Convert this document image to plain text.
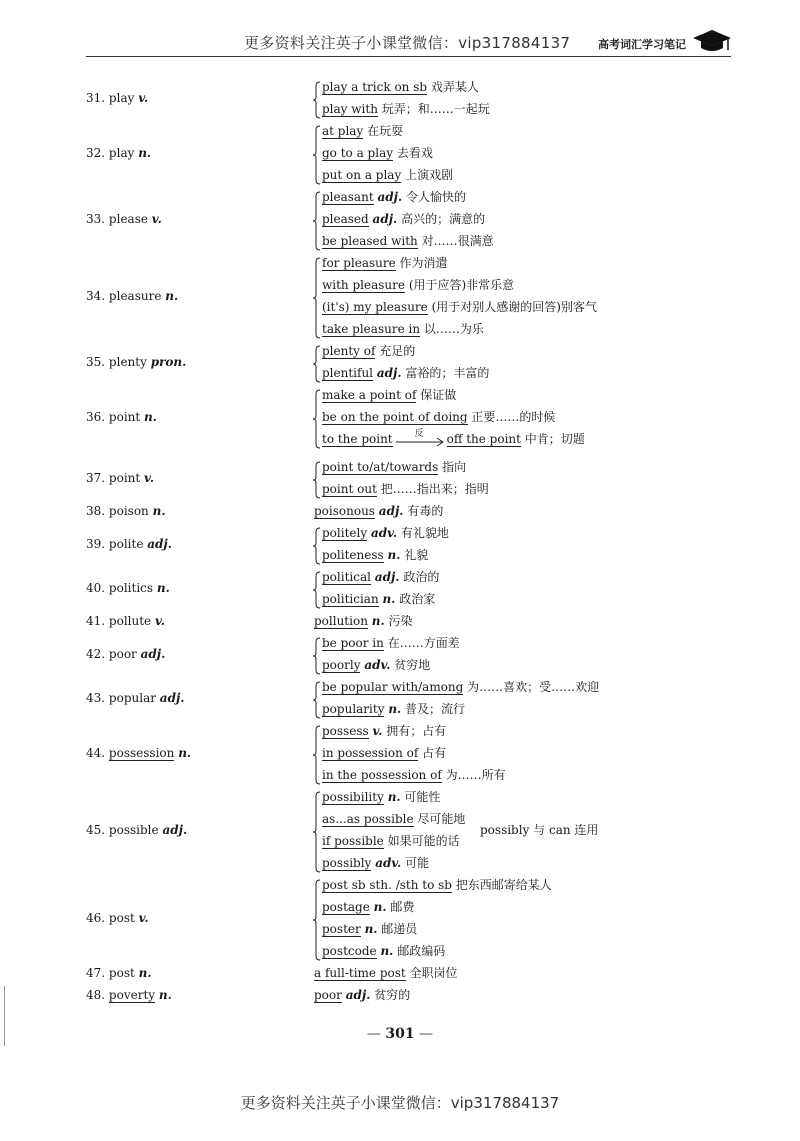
更多资料关注英子小课堂微信：vip317884137	高考词汇学习笔记
31. play v.
play a trick on sb 戏弄某人
play with 玩弄；和……一起玩
32. play n.
at play 在玩耍
go to a play 去看戏
put on a play 上演戏剧
33. please v.
pleasant adj. 令人愉快的
pleased adj. 高兴的；满意的
be pleased with 对……很满意
34. pleasure n.
for pleasure 作为消遣
with pleasure (用于应答)非常乐意
(it's) my pleasure (用于对别人感谢的回答)别客气
take pleasure in 以……为乐
35. plenty pron.
plenty of 充足的
plentiful adj. 富裕的；丰富的
36. point n.
make a point of 保证做
be on the point of doing 正要……的时候
to the point 反 off the point 中肯；切题
37. point v.
point to/at/towards 指向
point out 把……指出来；指明
38. poison n.	poisonous adj. 有毒的
39. polite adj.
politely adv. 有礼貌地
politeness n. 礼貌
40. politics n.
political adj. 政治的
politician n. 政治家
41. pollute v.	pollution n. 污染
42. poor adj.
be poor in 在……方面差
poorly adv. 贫穷地
43. popular adj.
be popular with/among 为……喜欢；受……欢迎
popularity n. 普及；流行
44. possession n.
possess v. 拥有；占有
in possession of 占有
in the possession of 为……所有
45. possible adj.
possibility n. 可能性
as...as possible 尽可能地
if possible 如果可能的话
possibly adv. 可能
possibly 与 can 连用
46. post v.
post sb sth. /sth to sb 把东西邮寄给某人
postage n. 邮费
poster n. 邮递员
postcode n. 邮政编码
47. post n.	a full-time post 全职岗位
48. poverty n.	poor adj. 贫穷的
— 301 —
更多资料关注英子小课堂微信：vip317884137
